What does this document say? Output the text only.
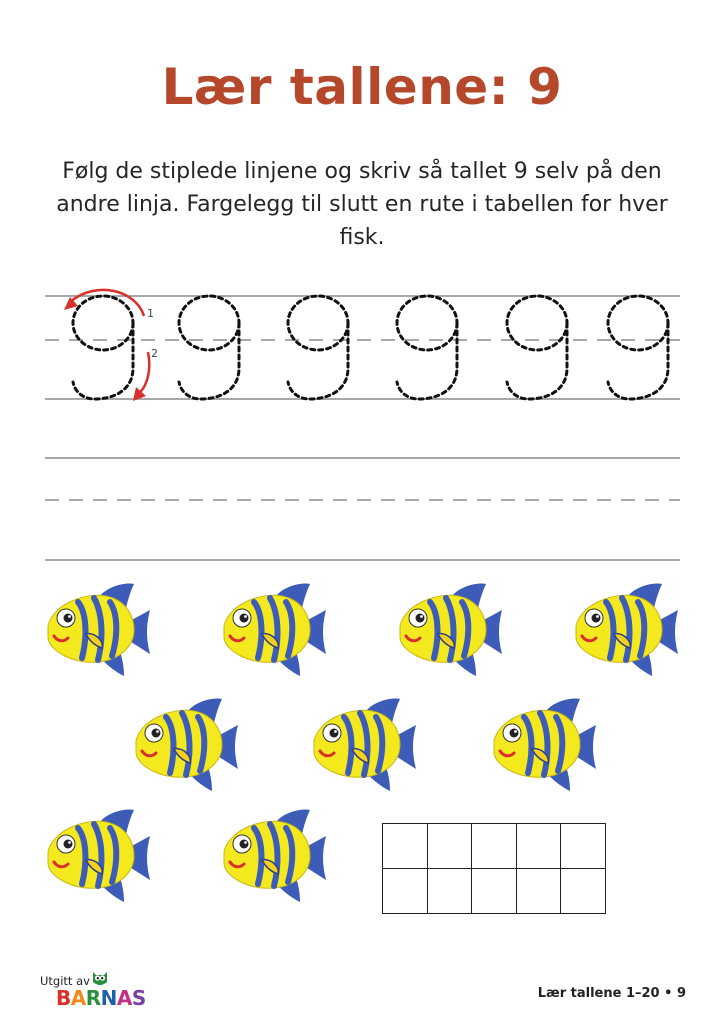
Lær tallene: 9

Følg de stiplede linjene og skriv så tallet 9 selv på den andre linja. Fargelegg til slutt en rute i tabellen for hver fisk.

1
2

Utgitt av
BARNAS	Lær tallene 1–20 • 9
